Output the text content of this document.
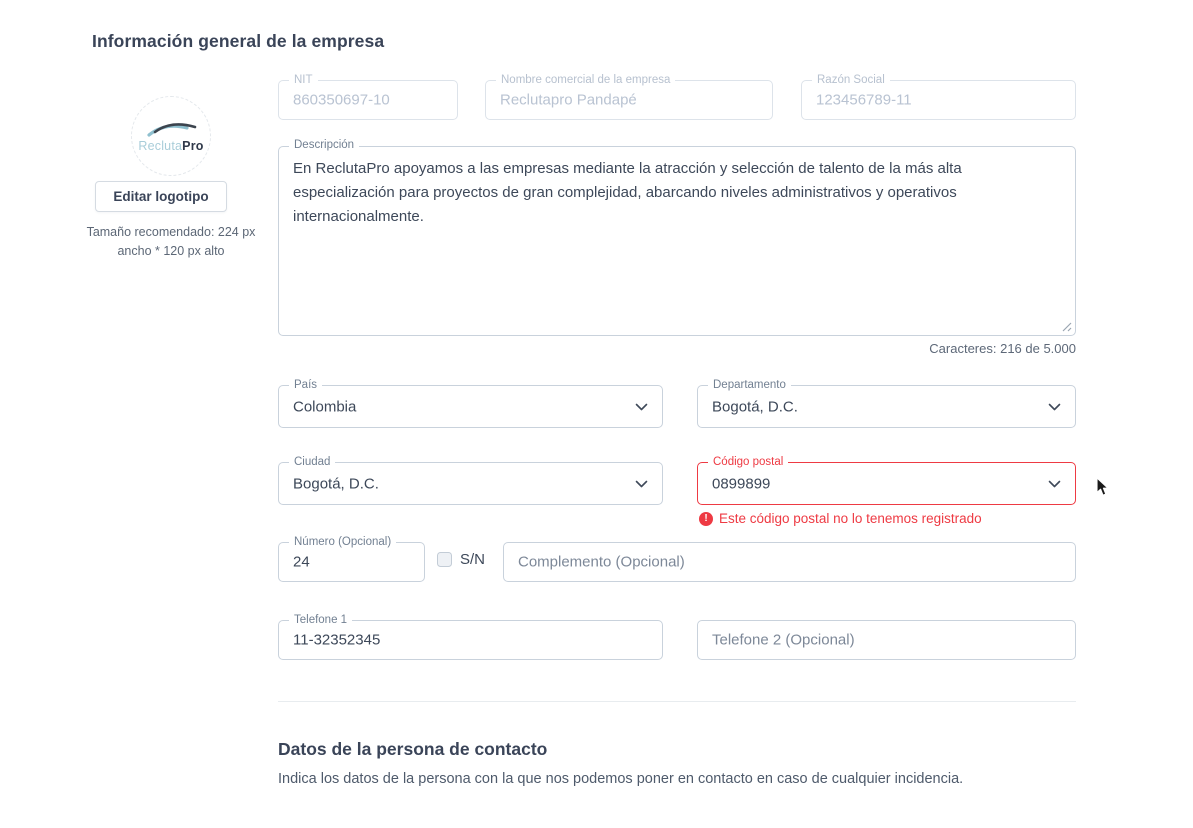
Información general de la empresa
ReclutaPro
Editar logotipo
Tamaño recomendado: 224 px
ancho * 120 px alto
NIT
860350697-10
Nombre comercial de la empresa
Reclutapro Pandapé
Razón Social
123456789-11
Descripción
En ReclutaPro apoyamos a las empresas mediante la atracción y selección de talento de la más alta especialización para proyectos de gran complejidad, abarcando niveles administrativos y operativos internacionalmente.
Caracteres: 216 de 5.000
País
Colombia
Departamento
Bogotá, D.C.
Ciudad
Bogotá, D.C.
Código postal
0899899
! Este código postal no lo tenemos registrado
Número (Opcional)
24	S/N Complemento (Opcional)
Telefone 1
11-32352345	Telefone 2 (Opcional)
Datos de la persona de contacto
Indica los datos de la persona con la que nos podemos poner en contacto en caso de cualquier incidencia.
